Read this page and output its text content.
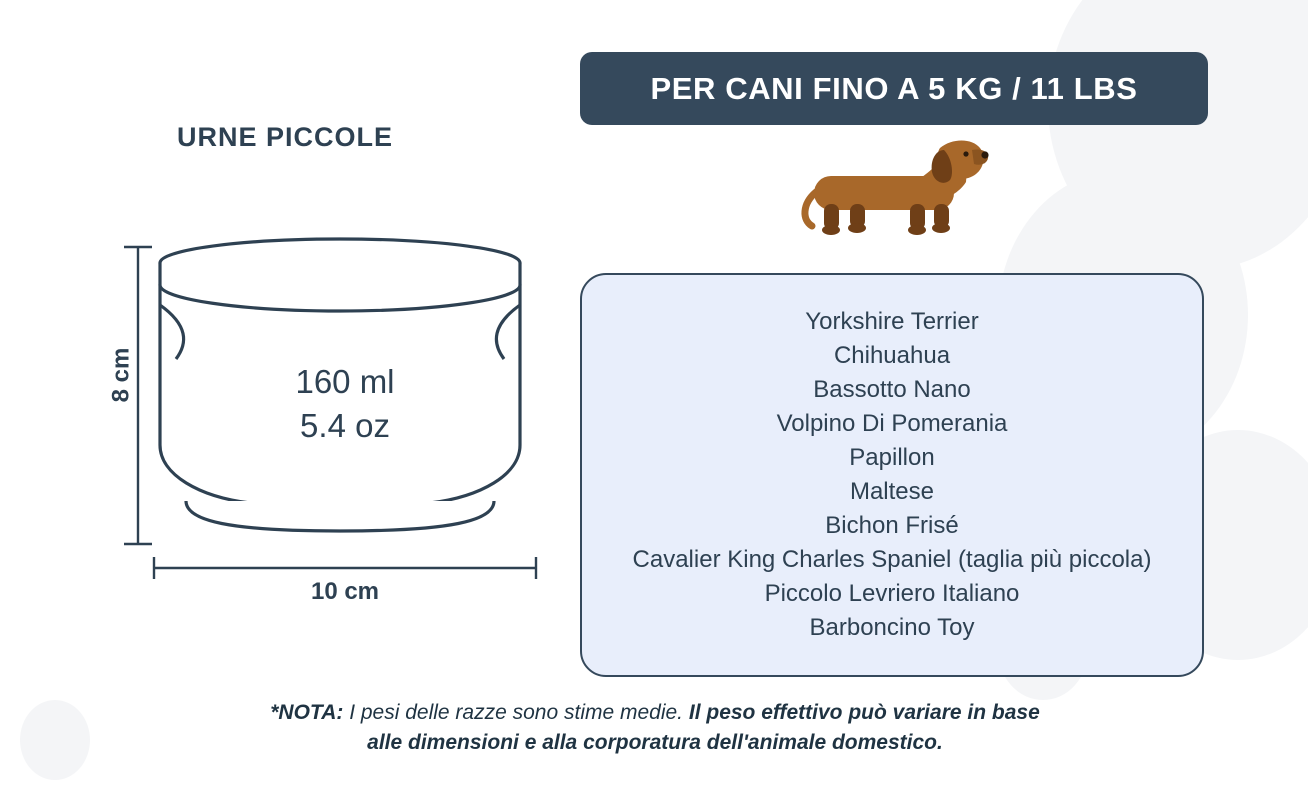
URNE PICCOLE
160 ml
5.4 oz
8 cm
10 cm
PER CANI FINO A 5 KG / 11 LBS
Yorkshire Terrier
Chihuahua
Bassotto Nano
Volpino Di Pomerania
Papillon
Maltese
Bichon Frisé
Cavalier King Charles Spaniel (taglia più piccola)
Piccolo Levriero Italiano
Barboncino Toy
*NOTA: I pesi delle razze sono stime medie. Il peso effettivo può variare in base
alle dimensioni e alla corporatura dell'animale domestico.
